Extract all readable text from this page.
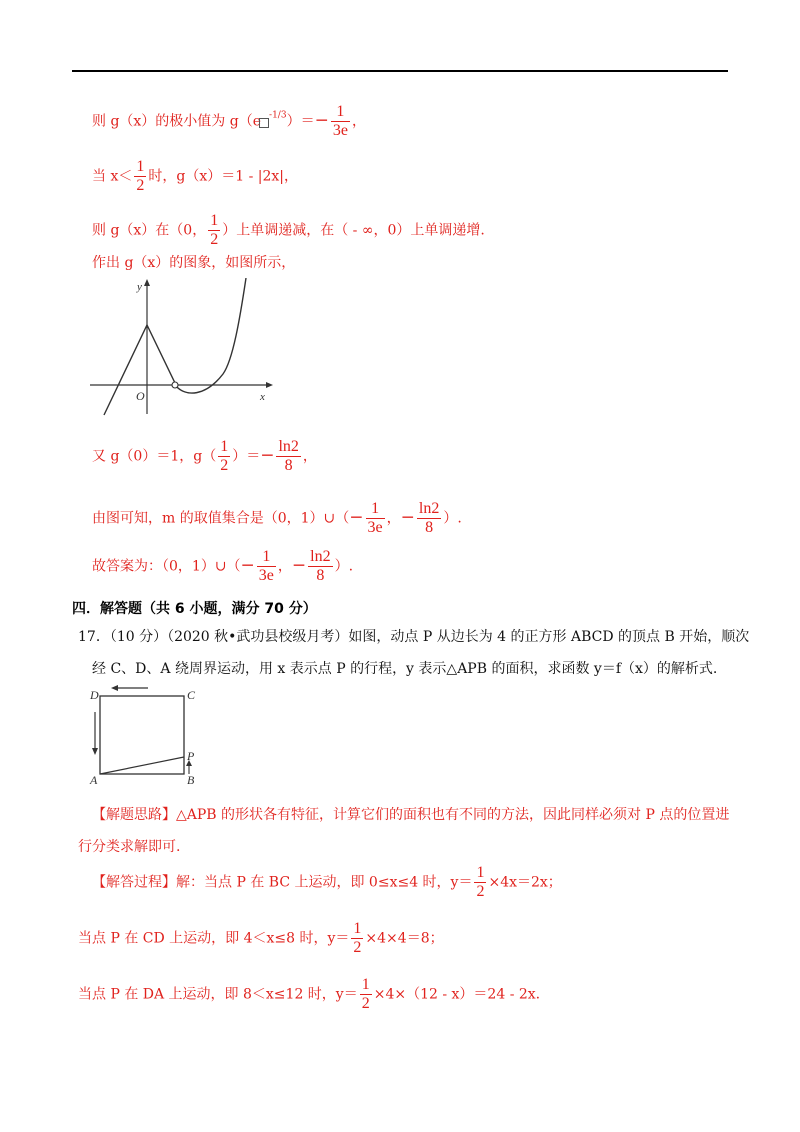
则 g（x）的极小值为 g（e $^{-1/3})=- \frac{1}{3e}$ ，
当 $x< \frac{1}{2}$ 时，g（x）＝1 - |2x|，
则 g（x）在（0， $\frac{1}{2}$ ）上单调递减，在（ - ∞，0）上单调递增.
作出 g（x）的图象，如图所示，
y
x
O
又 g（0）＝1，$g( \frac{1}{2}$ ）＝− $\frac{\ln 2}{8}$ ，
由图可知，m 的取值集合是（0，1）∪（− $\frac{1}{3e}$ ，− $\frac{\ln 2}{8}$ ）.
故答案为：（0，1）∪（− $\frac{1}{3e}$ ，− $\frac{\ln 2}{8}$ ）.
四．解答题（共 6 小题，满分 70 分）
17．（10 分）（2020 秋•武功县校级月考）如图，动点 P 从边长为 4 的正方形 ABCD 的顶点 B 开始，顺次
经 C、D、A 绕周界运动，用 x 表示点 P 的行程，y 表示△APB 的面积，求函数 y＝f（x）的解析式.
A	B
C
D
P
【解题思路】△APB 的形状各有特征，计算它们的面积也有不同的方法，因此同样必须对 P 点的位置进
行分类求解即可.
【解答过程】解：当点 P 在 BC 上运动，即 0≤x≤4 时，$y= \frac{1}{2} \times 4x=2x$；
当点 P 在 CD 上运动，即 4＜x≤8 时，$y= \frac{1}{2} \times 4\times 4=8$；
当点 P 在 DA 上运动，即 8＜x≤12 时，$y= \frac{1}{2} \times 4\times(12 - x)=24 - 2x$.
